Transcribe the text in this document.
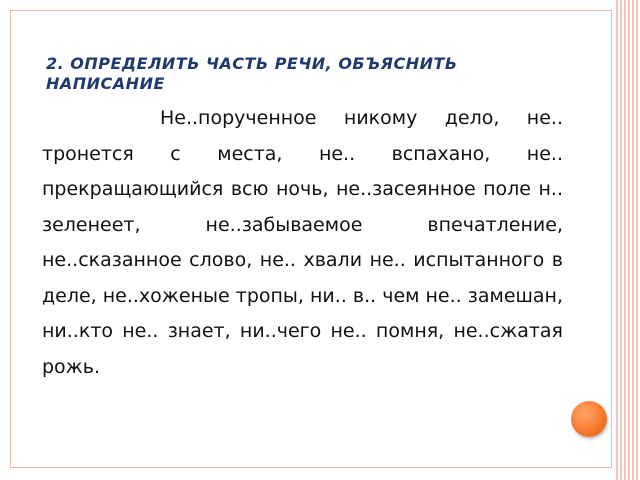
2. ОПРЕДЕЛИТЬ ЧАСТЬ РЕЧИ, ОБЪЯСНИТЬ НАПИСАНИЕ

Не..порученное никому дело, не.. тронется с места, не.. вспахано, не.. прекращающийся всю ночь, не..засеянное поле н.. зеленеет, не..забываемое впечатление, не..сказанное слово, не.. хвали не.. испытанного в деле, не..хоженые тропы, ни.. в.. чем не.. замешан, ни..кто не.. знает, ни..чего не.. помня, не..сжатая рожь.
